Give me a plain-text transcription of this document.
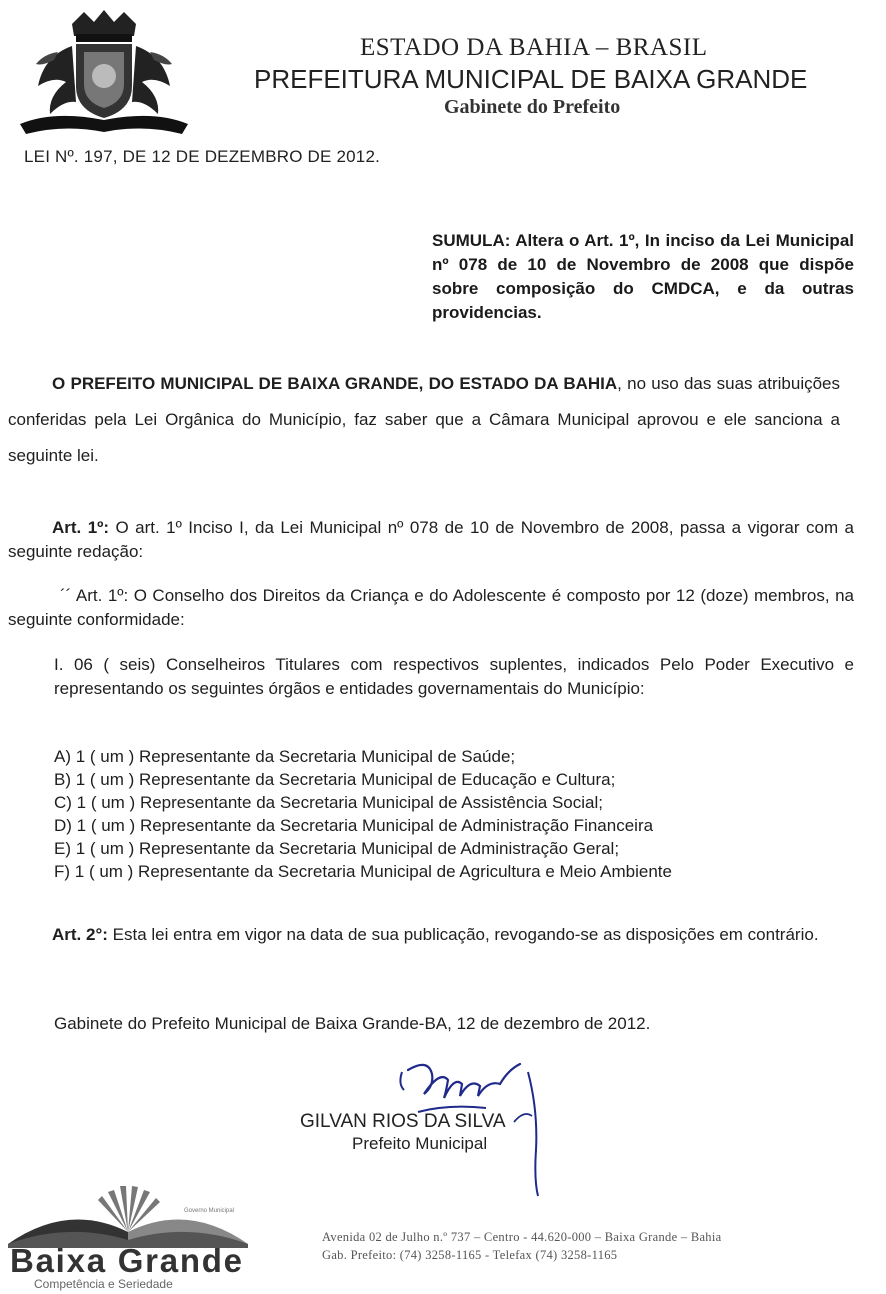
ESTADO DA BAHIA – BRASIL
PREFEITURA MUNICIPAL DE BAIXA GRANDE
Gabinete do Prefeito
LEI Nº. 197, DE 12 DE DEZEMBRO DE 2012.
SUMULA: Altera o Art. 1º, In inciso da Lei Municipal nº 078 de 10 de Novembro de 2008 que dispõe sobre composição do CMDCA, e da outras providencias.
O PREFEITO MUNICIPAL DE BAIXA GRANDE, DO ESTADO DA BAHIA, no uso das suas atribuições conferidas pela Lei Orgânica do Município, faz saber que a Câmara Municipal aprovou e ele sanciona a seguinte lei.
Art. 1º: O art. 1º Inciso I, da Lei Municipal nº 078 de 10 de Novembro de 2008, passa a vigorar com a seguinte redação:
´´ Art. 1º: O Conselho dos Direitos da Criança e do Adolescente é composto por 12 (doze) membros, na seguinte conformidade:
I. 06 ( seis) Conselheiros Titulares com respectivos suplentes, indicados Pelo Poder Executivo e representando os seguintes órgãos e entidades governamentais do Município:
A) 1 ( um ) Representante da Secretaria Municipal de Saúde;
B) 1 ( um ) Representante da Secretaria Municipal de Educação e Cultura;
C) 1 ( um ) Representante da Secretaria Municipal de Assistência Social;
D) 1 ( um ) Representante da Secretaria Municipal de Administração Financeira
E) 1 ( um ) Representante da Secretaria Municipal de Administração Geral;
F) 1 ( um ) Representante da Secretaria Municipal de Agricultura e Meio Ambiente
Art. 2°: Esta lei entra em vigor na data de sua publicação, revogando-se as disposições em contrário.
Gabinete do Prefeito Municipal de Baixa Grande-BA, 12 de dezembro de 2012.
GILVAN RIOS DA SILVA
Prefeito Municipal
Governo Municipal
Baixa Grande
Competência e Seriedade
Avenida 02 de Julho n.º 737 – Centro - 44.620-000 – Baixa Grande – Bahia
Gab. Prefeito: (74) 3258-1165 - Telefax (74) 3258-1165
